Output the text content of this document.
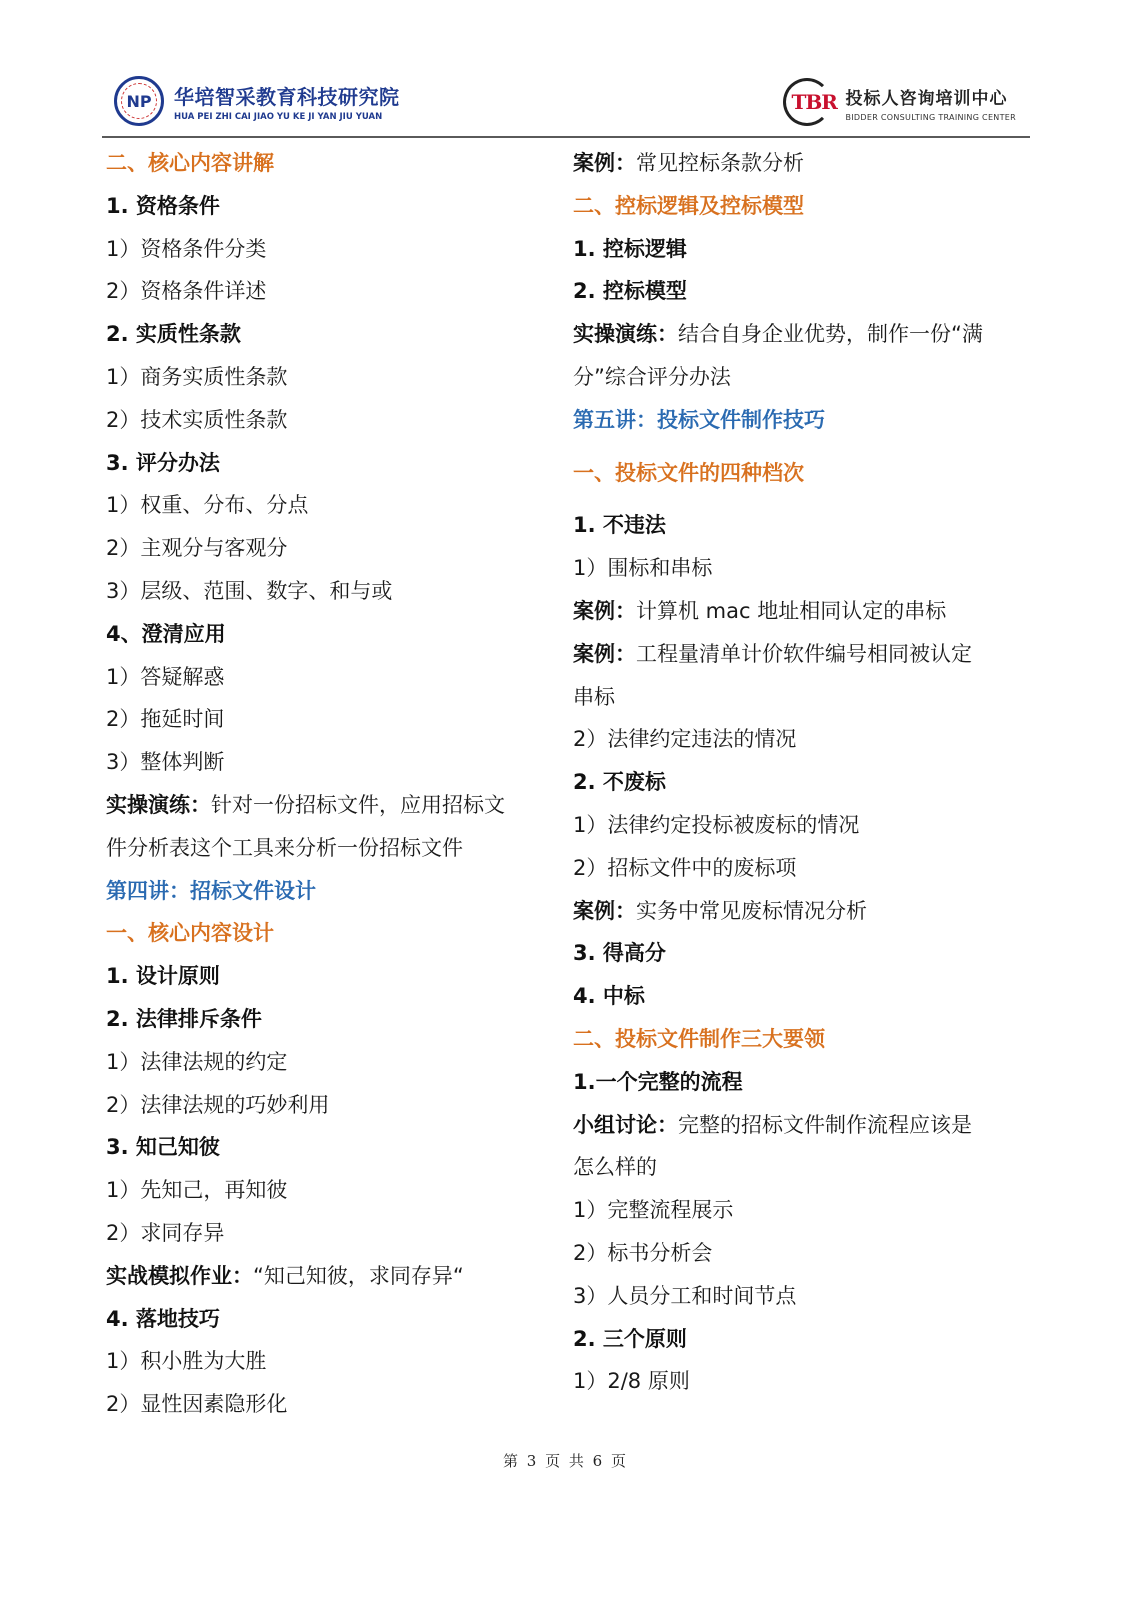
NP 华培智采教育科技研究院
HUA PEI ZHI CAI JIAO YU KE JI YAN JIU YUAN
TBR 投标人咨询培训中心
BIDDER CONSULTING TRAINING CENTER
二、核心内容讲解
1. 资格条件
1）资格条件分类
2）资格条件详述
2. 实质性条款
1）商务实质性条款
2）技术实质性条款
3. 评分办法
1）权重、分布、分点
2）主观分与客观分
3）层级、范围、数字、和与或
4、澄清应用
1）答疑解惑
2）拖延时间
3）整体判断
实操演练：针对一份招标文件，应用招标文
件分析表这个工具来分析一份招标文件
第四讲：招标文件设计
一、核心内容设计
1. 设计原则
2. 法律排斥条件
1）法律法规的约定
2）法律法规的巧妙利用
3. 知己知彼
1）先知己，再知彼
2）求同存异
实战模拟作业：“知己知彼，求同存异“
4. 落地技巧
1）积小胜为大胜
2）显性因素隐形化
案例：常见控标条款分析
二、控标逻辑及控标模型
1. 控标逻辑
2. 控标模型
实操演练：结合自身企业优势，制作一份“满
分”综合评分办法
第五讲：投标文件制作技巧
一、投标文件的四种档次
1. 不违法
1）围标和串标
案例：计算机 mac 地址相同认定的串标
案例：工程量清单计价软件编号相同被认定
串标
2）法律约定违法的情况
2. 不废标
1）法律约定投标被废标的情况
2）招标文件中的废标项
案例：实务中常见废标情况分析
3. 得高分
4. 中标
二、投标文件制作三大要领
1.一个完整的流程
小组讨论：完整的招标文件制作流程应该是
怎么样的
1）完整流程展示
2）标书分析会
3）人员分工和时间节点
2. 三个原则
1）2/8 原则
第 3 页 共 6 页
